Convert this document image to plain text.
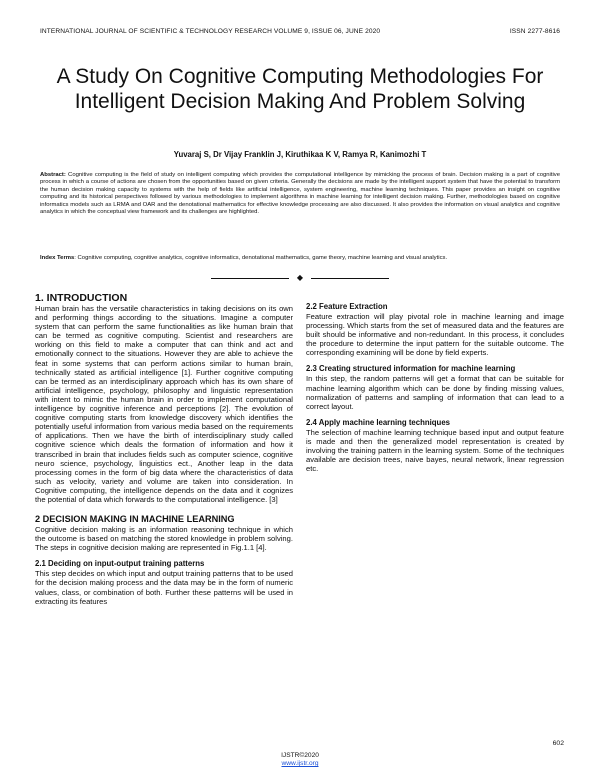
INTERNATIONAL JOURNAL OF SCIENTIFIC & TECHNOLOGY RESEARCH VOLUME 9, ISSUE 06, JUNE 2020	ISSN 2277-8616
A Study On Cognitive Computing Methodologies For Intelligent Decision Making And Problem Solving
Yuvaraj S, Dr Vijay Franklin J, Kiruthikaa K V, Ramya R, Kanimozhi T

Abstract: Cognitive computing is the field of study on intelligent computing which provides the computational intelligence by mimicking the process of brain. Decision making is a part of cognitive process in which a course of actions are chosen from the opportunities based on given criteria. Generally the decisions are made by the intelligent support system that have the potential to transform the human decision making capacity to systems with the help of fields like artificial intelligence, system engineering, machine learning techniques. This paper provides an insight on cognitive computing and its historical perspectives followed by various methodologies to implement algorithms in machine learning for intelligent decision making. Further, methodologies based on cognitive informatics models such as LRMA and OAR and the denotational mathematics for effective knowledge processing are also discussed. It also provides the information on visual analytics and cognitive analytics in which the conceptual view framework and its challenges are highlighted.

Index Terms: Cognitive computing, cognitive analytics, cognitive informatics, denotational mathematics, game theory, machine learning and visual analytics.

◆
1. INTRODUCTION

Human brain has the versatile characteristics in taking decisions on its own and performing things according to the situations. Imagine a computer system that can perform the same functionalities as like human brain that can be termed as cognitive computing. Scientist and researchers are working on this field to make a computer that can think and act and emotionally connect to the situations. However they are able to achieve the feat in some systems that can perform actions similar to human brain, technically stated as artificial intelligence [1]. Further cognitive computing can be termed as an interdisciplinary approach which has its own share of artificial intelligence, psychology, philosophy and linguistic representation with intent to mimic the human brain in order to implement computational intelligence by cognitive inference and perceptions [2]. The evolution of cognitive computing starts from knowledge discovery which identifies the potentially useful information from various media based on the requirements of applications. Then we have the birth of interdisciplinary study called cognitive science which deals the formation of information and how it transcribed in brain that includes fields such as computer science, cognitive neuro science, psychology, linguistics ect., Another leap in the data processing comes in the form of big data where the characteristics of data such as velocity, variety and volume are taken into consideration. In Cognitive computing, the intelligence depends on the data and it cognizes the potential of data which forwards to the computational intelligence. [3]

2 DECISION MAKING IN MACHINE LEARNING

Cognitive decision making is an information reasoning technique in which the outcome is based on matching the stored knowledge in problem solving. The steps in cognitive decision making are represented in Fig.1.1 [4].

2.1 Deciding on input-output training patterns

This step decides on which input and output training patterns that to be used for the decision making process and the data may be in the form of numeric values, class, or combination of both. Further these patterns will be used in extracting its features

2.2 Feature Extraction

Feature extraction will play pivotal role in machine learning and image processing. Which starts from the set of measured data and the features are built should be informative and non-redundant. In this process, it concludes the procedure to determine the input pattern for the suitable outcome. The corresponding examining will be done by field experts.

2.3 Creating structured information for machine learning

In this step, the random patterns will get a format that can be suitable for machine learning algorithm which can be done by finding missing values, normalization of patterns and sampling of information that can lead to a correct layout.

2.4 Apply machine learning techniques

The selection of machine learning technique based input and output feature is made and then the generalized model representation is created by involving the training pattern in the learning system. Some of the techniques available are decision trees, naive bayes, neural network, linear regression etc.

602
IJSTR©2020
www.ijstr.org
